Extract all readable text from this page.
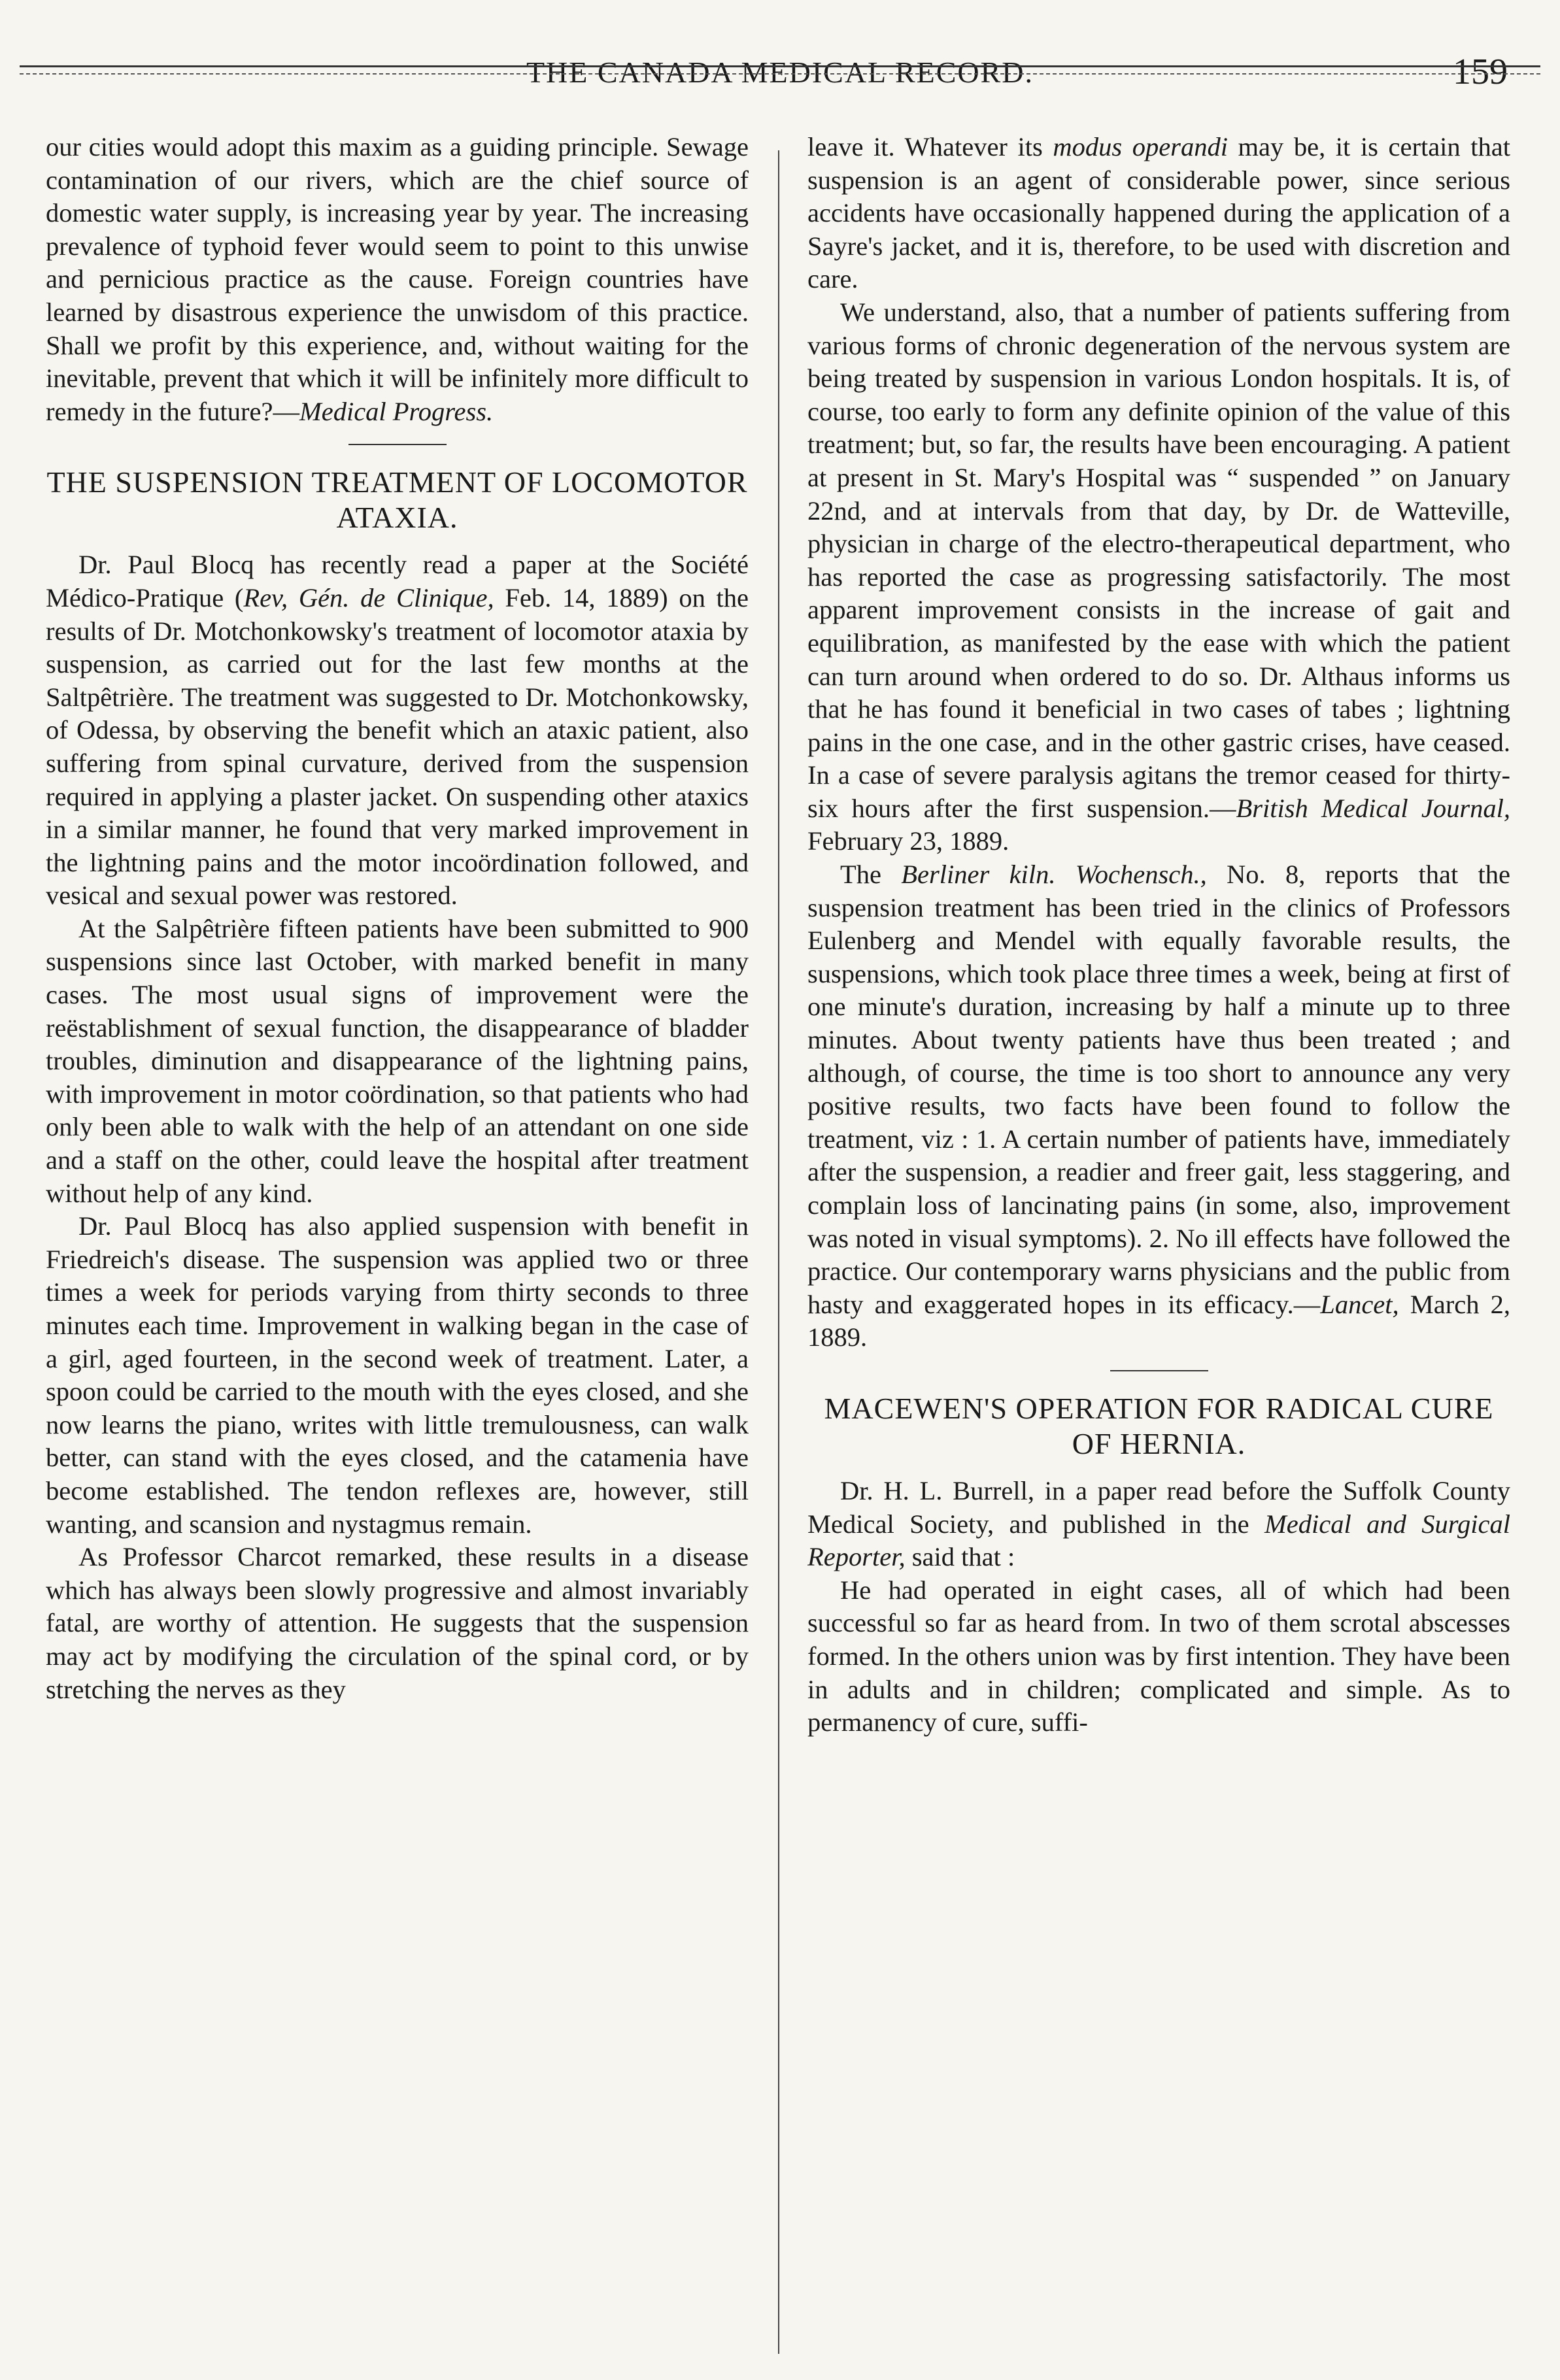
THE CANADA MEDICAL RECORD.	159

our cities would adopt this maxim as a guiding principle. Sewage contamination of our rivers, which are the chief source of domestic water supply, is increasing year by year. The increasing prevalence of typhoid fever would seem to point to this unwise and pernicious practice as the cause. Foreign countries have learned by disastrous experience the unwisdom of this practice. Shall we profit by this experience, and, without waiting for the inevitable, prevent that which it will be infinitely more difficult to remedy in the future?—Medical Progress.

THE SUSPENSION TREATMENT OF LOCOMOTOR ATAXIA.

Dr. Paul Blocq has recently read a paper at the Société Médico-Pratique (Rev, Gén. de Clinique, Feb. 14, 1889) on the results of Dr. Motchonkowsky's treatment of locomotor ataxia by suspension, as carried out for the last few months at the Saltpêtrière. The treatment was suggested to Dr. Motchonkowsky, of Odessa, by observing the benefit which an ataxic patient, also suffering from spinal curvature, derived from the suspension required in applying a plaster jacket. On suspending other ataxics in a similar manner, he found that very marked improvement in the lightning pains and the motor incoördination followed, and vesical and sexual power was restored.

At the Salpêtrière fifteen patients have been submitted to 900 suspensions since last October, with marked benefit in many cases. The most usual signs of improvement were the reëstablishment of sexual function, the disappearance of bladder troubles, diminution and disappearance of the lightning pains, with improvement in motor coördination, so that patients who had only been able to walk with the help of an attendant on one side and a staff on the other, could leave the hospital after treatment without help of any kind.

Dr. Paul Blocq has also applied suspension with benefit in Friedreich's disease. The suspension was applied two or three times a week for periods varying from thirty seconds to three minutes each time. Improvement in walking began in the case of a girl, aged fourteen, in the second week of treatment. Later, a spoon could be carried to the mouth with the eyes closed, and she now learns the piano, writes with little tremulousness, can walk better, can stand with the eyes closed, and the catamenia have become established. The tendon reflexes are, however, still wanting, and scansion and nystagmus remain.

As Professor Charcot remarked, these results in a disease which has always been slowly progressive and almost invariably fatal, are worthy of attention. He suggests that the suspension may act by modifying the circulation of the spinal cord, or by stretching the nerves as they

leave it. Whatever its modus operandi may be, it is certain that suspension is an agent of considerable power, since serious accidents have occasionally happened during the application of a Sayre's jacket, and it is, therefore, to be used with discretion and care.

We understand, also, that a number of patients suffering from various forms of chronic degeneration of the nervous system are being treated by suspension in various London hospitals. It is, of course, too early to form any definite opinion of the value of this treatment; but, so far, the results have been encouraging. A patient at present in St. Mary's Hospital was “ suspended ” on January 22nd, and at intervals from that day, by Dr. de Watteville, physician in charge of the electro-therapeutical department, who has reported the case as progressing satisfactorily. The most apparent improvement consists in the increase of gait and equilibration, as manifested by the ease with which the patient can turn around when ordered to do so. Dr. Althaus informs us that he has found it beneficial in two cases of tabes ; lightning pains in the one case, and in the other gastric crises, have ceased. In a case of severe paralysis agitans the tremor ceased for thirty-six hours after the first suspension.—British Medical Journal, February 23, 1889.

The Berliner kiln. Wochensch., No. 8, reports that the suspension treatment has been tried in the clinics of Professors Eulenberg and Mendel with equally favorable results, the suspensions, which took place three times a week, being at first of one minute's duration, increasing by half a minute up to three minutes. About twenty patients have thus been treated ; and although, of course, the time is too short to announce any very positive results, two facts have been found to follow the treatment, viz : 1. A certain number of patients have, immediately after the suspension, a readier and freer gait, less staggering, and complain loss of lancinating pains (in some, also, improvement was noted in visual symptoms). 2. No ill effects have followed the practice. Our contemporary warns physicians and the public from hasty and exaggerated hopes in its efficacy.—Lancet, March 2, 1889.

MACEWEN'S OPERATION FOR RADICAL CURE OF HERNIA.

Dr. H. L. Burrell, in a paper read before the Suffolk County Medical Society, and published in the Medical and Surgical Reporter, said that :

He had operated in eight cases, all of which had been successful so far as heard from. In two of them scrotal abscesses formed. In the others union was by first intention. They have been in adults and in children; complicated and simple. As to permanency of cure, suffi-
